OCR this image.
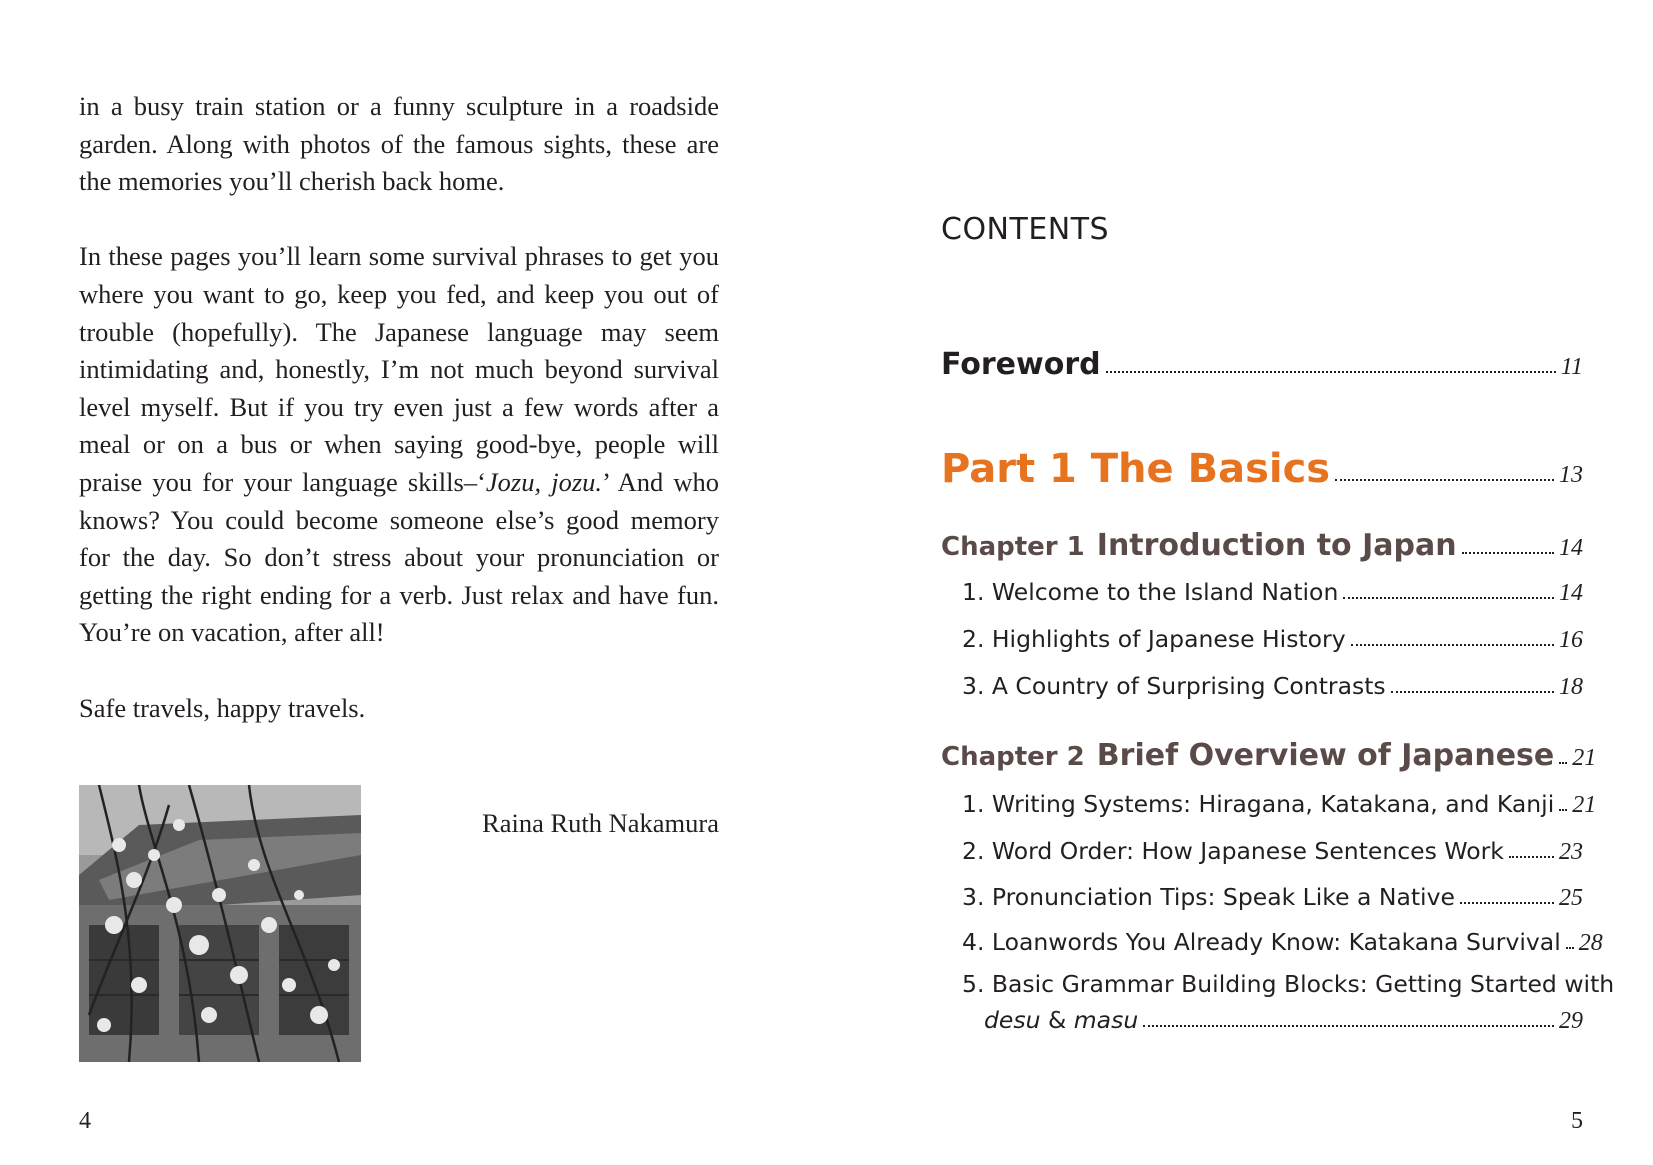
in a busy train station or a funny sculpture in a roadside garden. Along with photos of the famous sights, these are the memories you’ll cherish back home.

In these pages you’ll learn some survival phrases to get you where you want to go, keep you fed, and keep you out of trouble (hopefully). The Japanese language may seem intimidating and, honestly, I’m not much beyond survival level myself. But if you try even just a few words after a meal or on a bus or when saying good-bye, people will praise you for your language skills–‘Jozu, jozu.’ And who knows? You could become someone else’s good memory for the day. So don’t stress about your pronunciation or getting the right ending for a verb. Just relax and have fun. You’re on vacation, after all!

Safe travels, happy travels.

Raina Ruth Nakamura
4
CONTENTS
Foreword	11
Part 1 The Basics	13
Chapter 1 Introduction to Japan	14
1. Welcome to the Island Nation	14
2. Highlights of Japanese History	16
3. A Country of Surprising Contrasts	18
Chapter 2 Brief Overview of Japanese 21
1. Writing Systems: Hiragana, Katakana, and Kanji 21
2. Word Order: How Japanese Sentences Work 23
3. Pronunciation Tips: Speak Like a Native	25
4. Loanwords You Already Know: Katakana Survival 28
5. Basic Grammar Building Blocks: Getting Started with
desu & masu	29
5
